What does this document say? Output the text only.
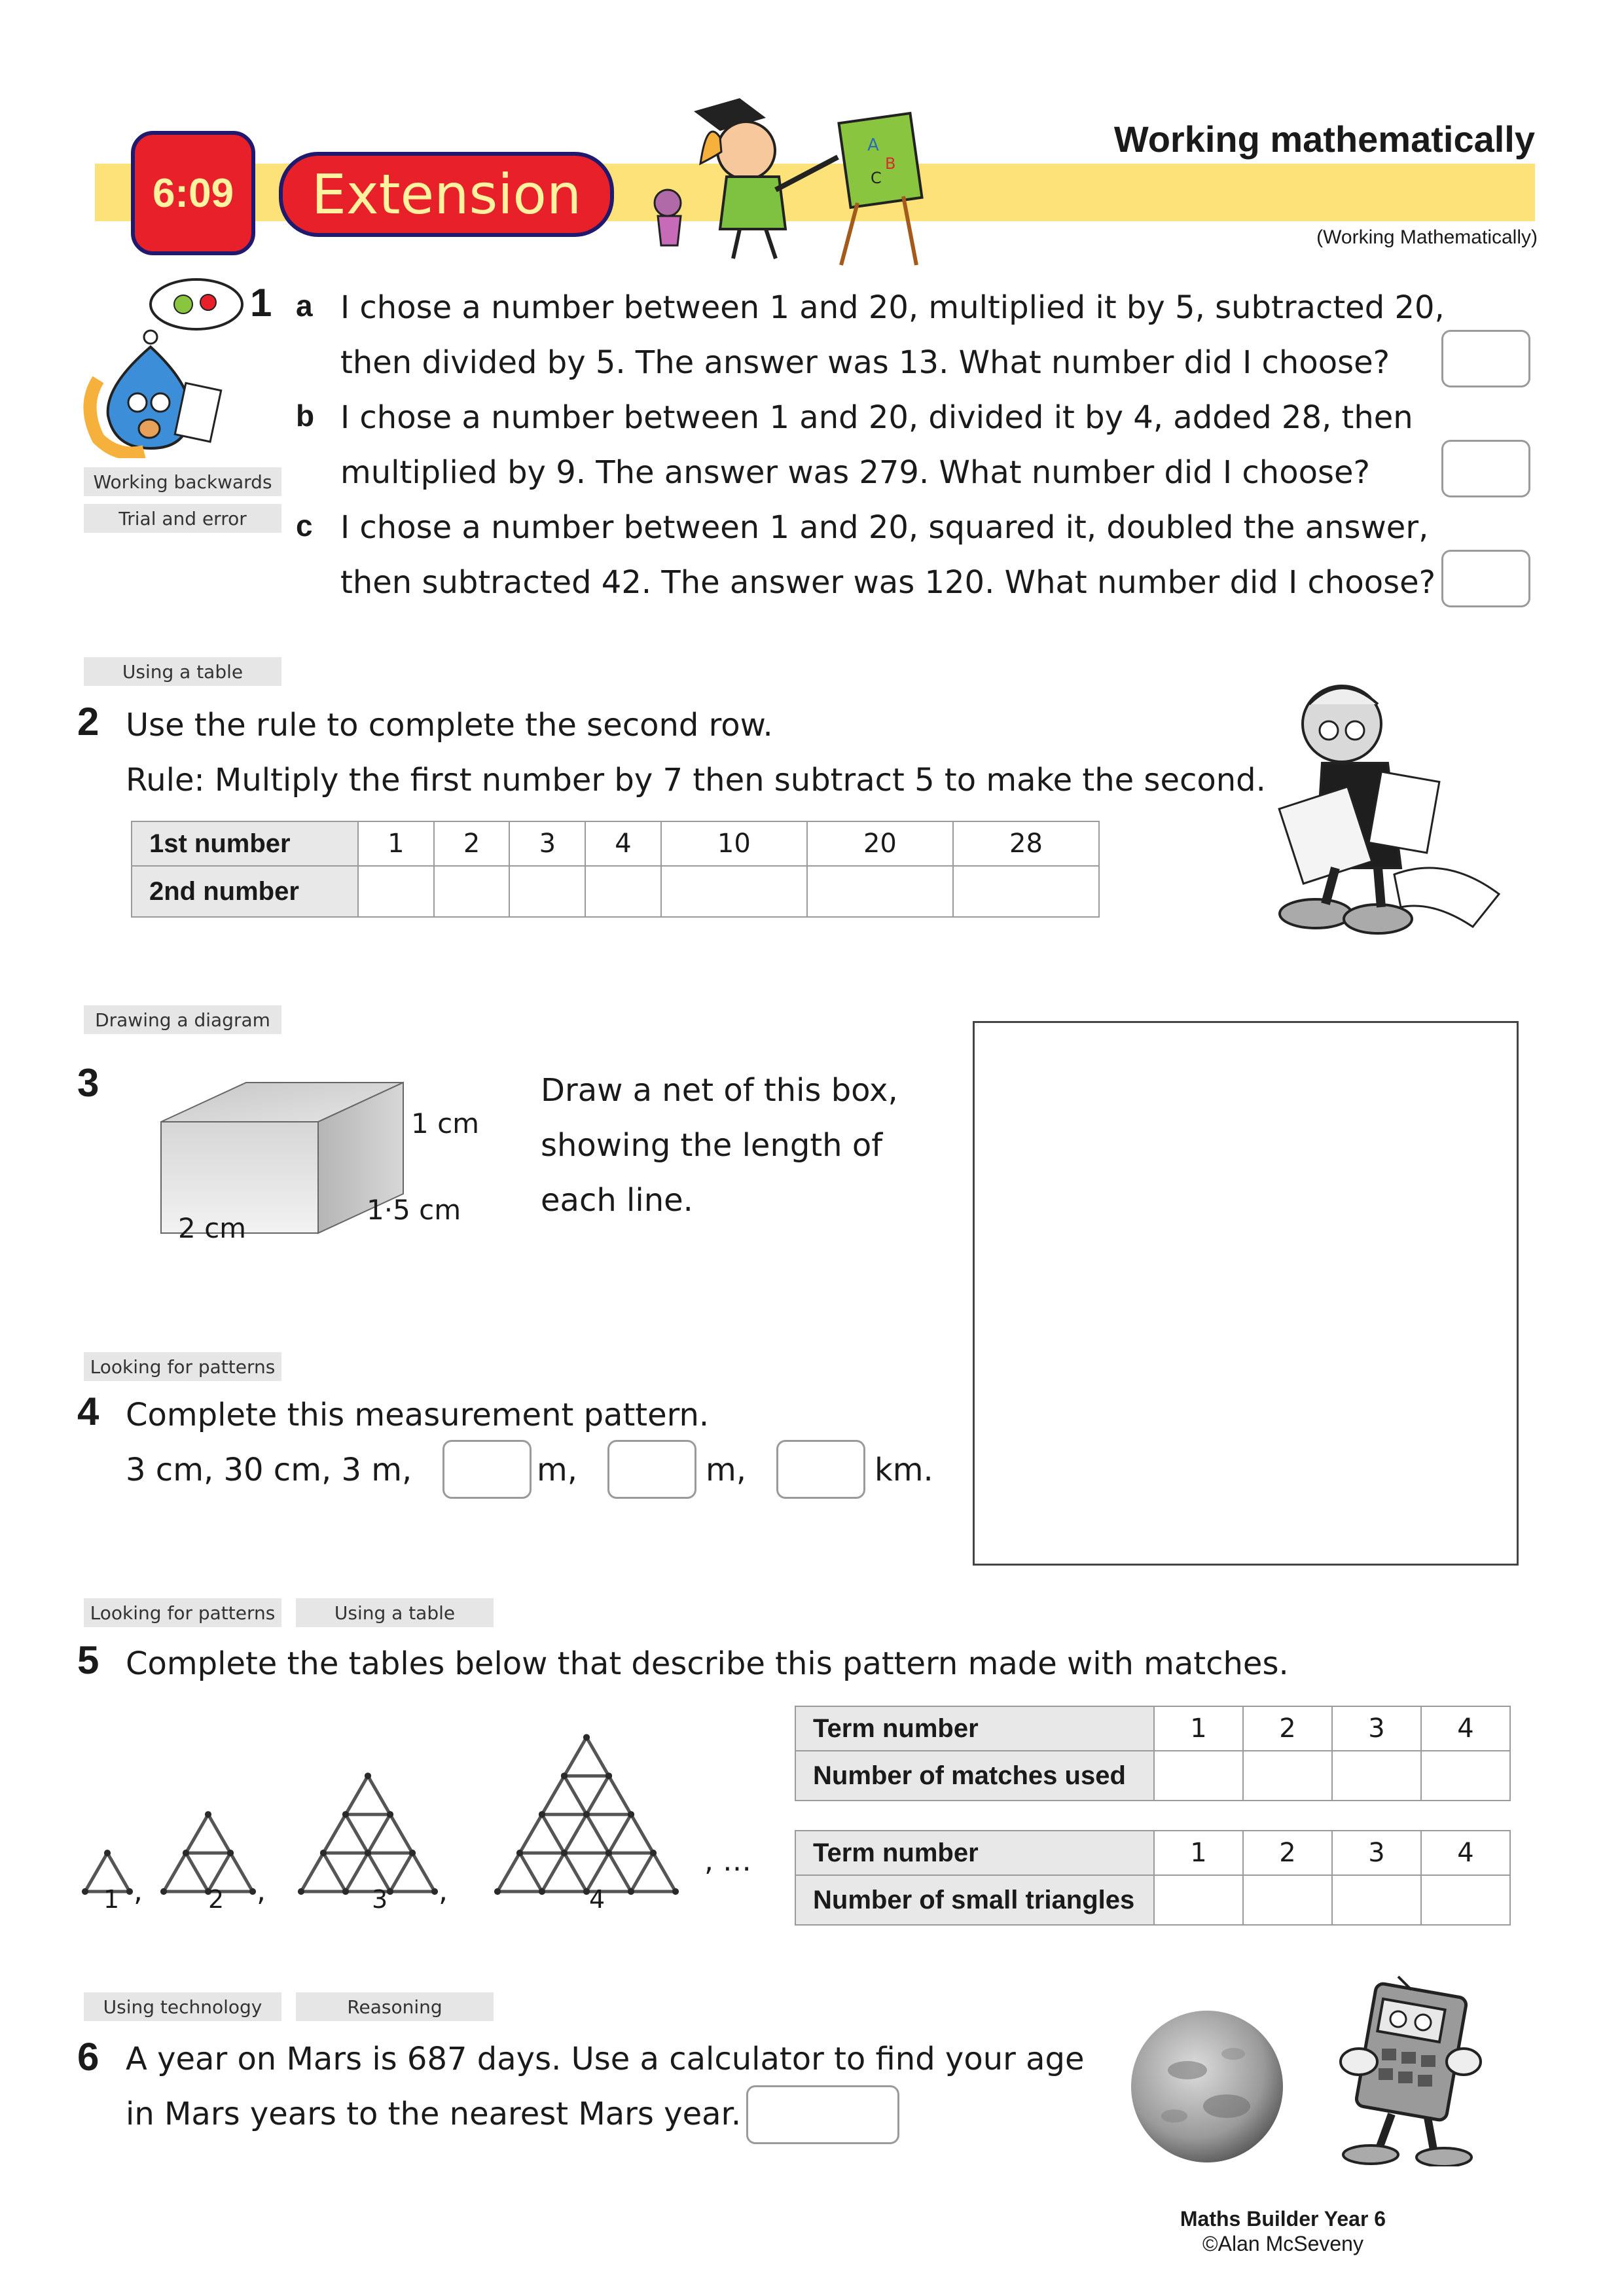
6:09 Extension
A
B
C
Working mathematically
(Working Mathematically)
Working backwards
Trial and error
1 a I chose a number between 1 and 20, multiplied it by 5, subtracted 20,
then divided by 5. The answer was 13. What number did I choose?
b I chose a number between 1 and 20, divided it by 4, added 28, then
multiplied by 9. The answer was 279. What number did I choose?
c I chose a number between 1 and 20, squared it, doubled the answer,
then subtracted 42. The answer was 120. What number did I choose?
Using a table
2 Use the rule to complete the second row.
Rule: Multiply the first number by 7 then subtract 5 to make the second.
1st number	1	2	3	4	10	20	28
2nd number							
Drawing a diagram
3
1 cm
1·5 cm
2 cm
Draw a net of this box,
showing the length of
each line.
Looking for patterns
4 Complete this measurement pattern.
3 cm, 30 cm, 3 m,	m,	m,	km.
Looking for patterns	Using a table
5 Complete the tables below that describe this pattern made with matches.
,	,	,
1	2	3	4
, …
Term number	1	2	3	4
Number of matches used				
Term number	1	2	3	4
Number of small triangles				
Using technology	Reasoning
6 A year on Mars is 687 days. Use a calculator to find your age
in Mars years to the nearest Mars year.
Maths Builder Year 6
©Alan McSeveny
